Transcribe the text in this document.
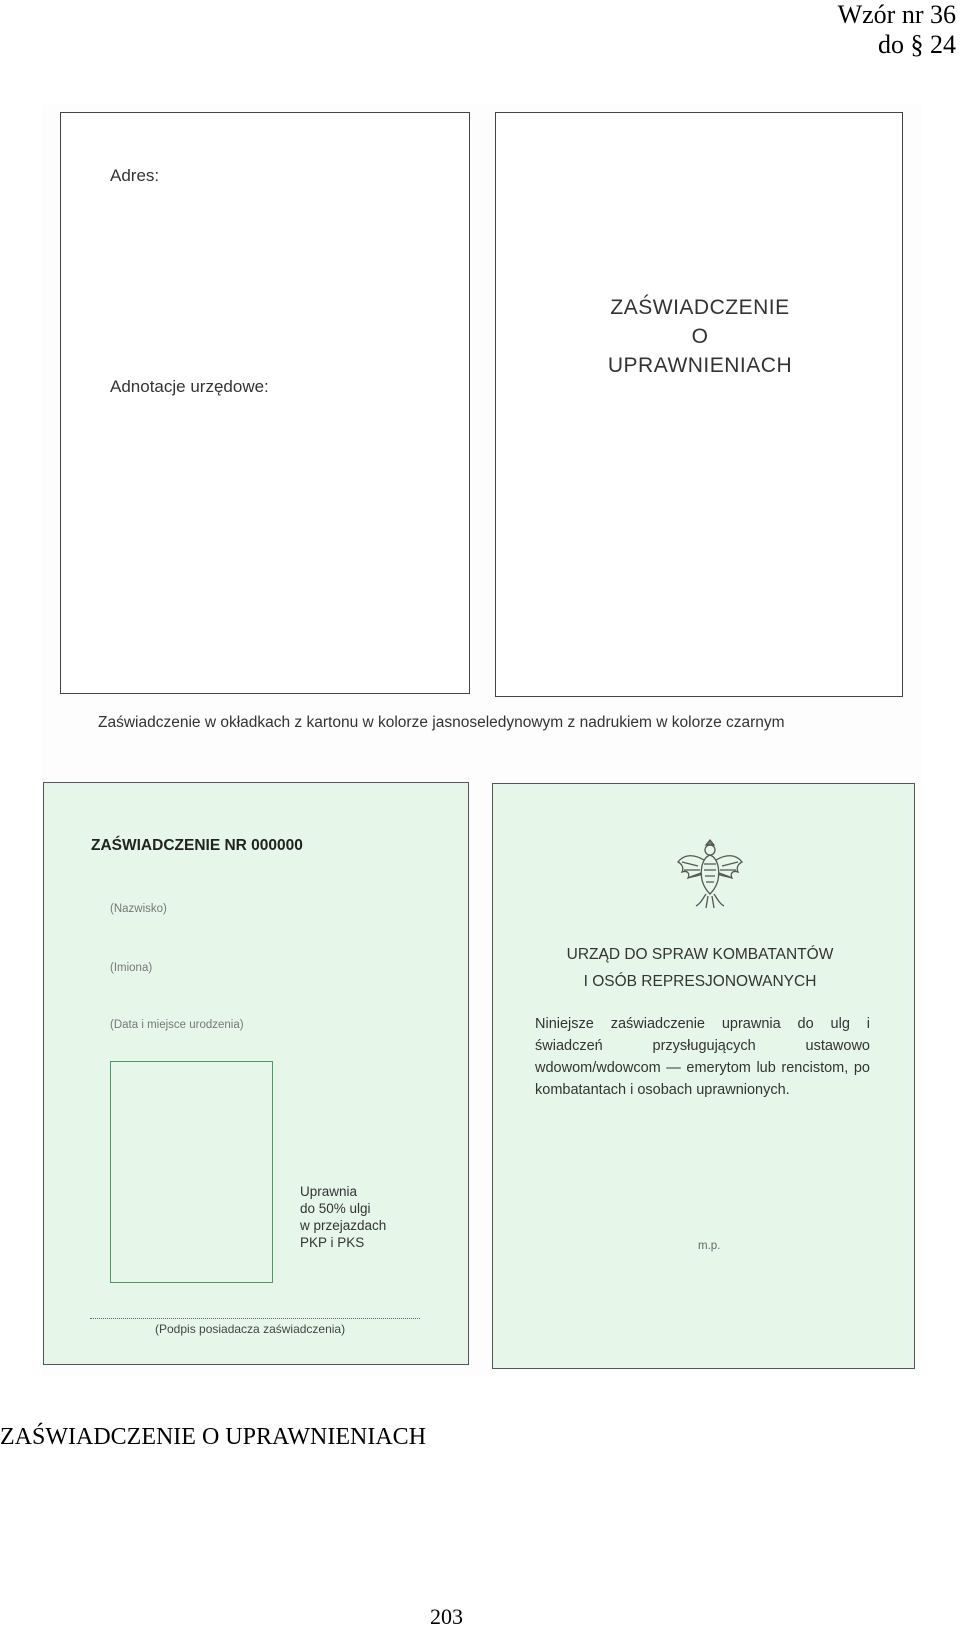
Wzór nr 36
do § 24
Adres:
Adnotacje urzędowe:
ZAŚWIADCZENIE
O
UPRAWNIENIACH
Zaświadczenie w okładkach z kartonu w kolorze jasnoseledynowym z nadrukiem w kolorze czarnym
ZAŚWIADCZENIE NR 000000
(Nazwisko)
(Imiona)
(Data i miejsce urodzenia)
Uprawnia
do 50% ulgi
w przejazdach
PKP i PKS
(Podpis posiadacza zaświadczenia)
URZĄD DO SPRAW KOMBATANTÓW
I OSÓB REPRESJONOWANYCH
Niniejsze zaświadczenie uprawnia do ulg i świadczeń przysługujących ustawowo wdowom/wdowcom — emerytom lub rencistom, po kombatantach i osobach uprawnionych.
m.p.
ZAŚWIADCZENIE O UPRAWNIENIACH
203
